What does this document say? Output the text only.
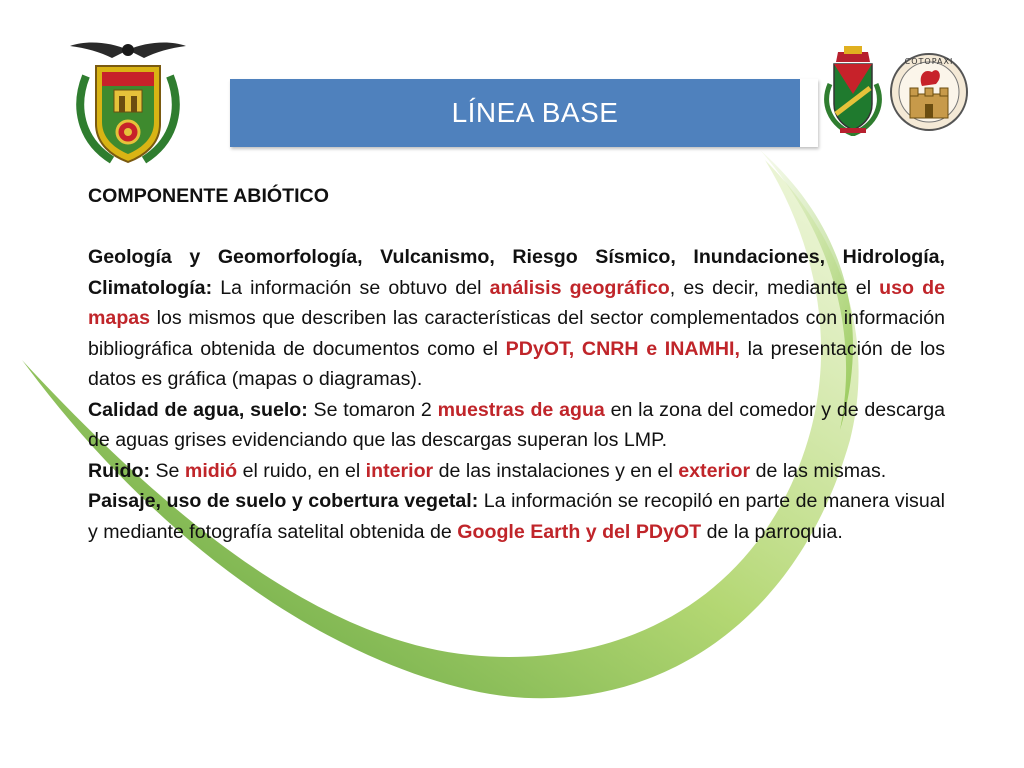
COTOPAXI
LÍNEA BASE
COMPONENTE ABIÓTICO

Geología y Geomorfología, Vulcanismo, Riesgo Sísmico, Inundaciones, Hidrología, Climatología: La información se obtuvo del análisis geográfico, es decir, mediante el uso de mapas los mismos que describen las características del sector complementados con información bibliográfica obtenida de documentos como el PDyOT, CNRH e INAMHI, la presentación de los datos es gráfica (mapas o diagramas).

Calidad de agua, suelo: Se tomaron 2 muestras de agua en la zona del comedor y de descarga de aguas grises evidenciando que las descargas superan los LMP.

Ruido: Se midió el ruido, en el interior de las instalaciones y en el exterior de las mismas.

Paisaje, uso de suelo y cobertura vegetal: La información se recopiló en parte de manera visual y mediante fotografía satelital obtenida de Google Earth y del PDyOT de la parroquia.
